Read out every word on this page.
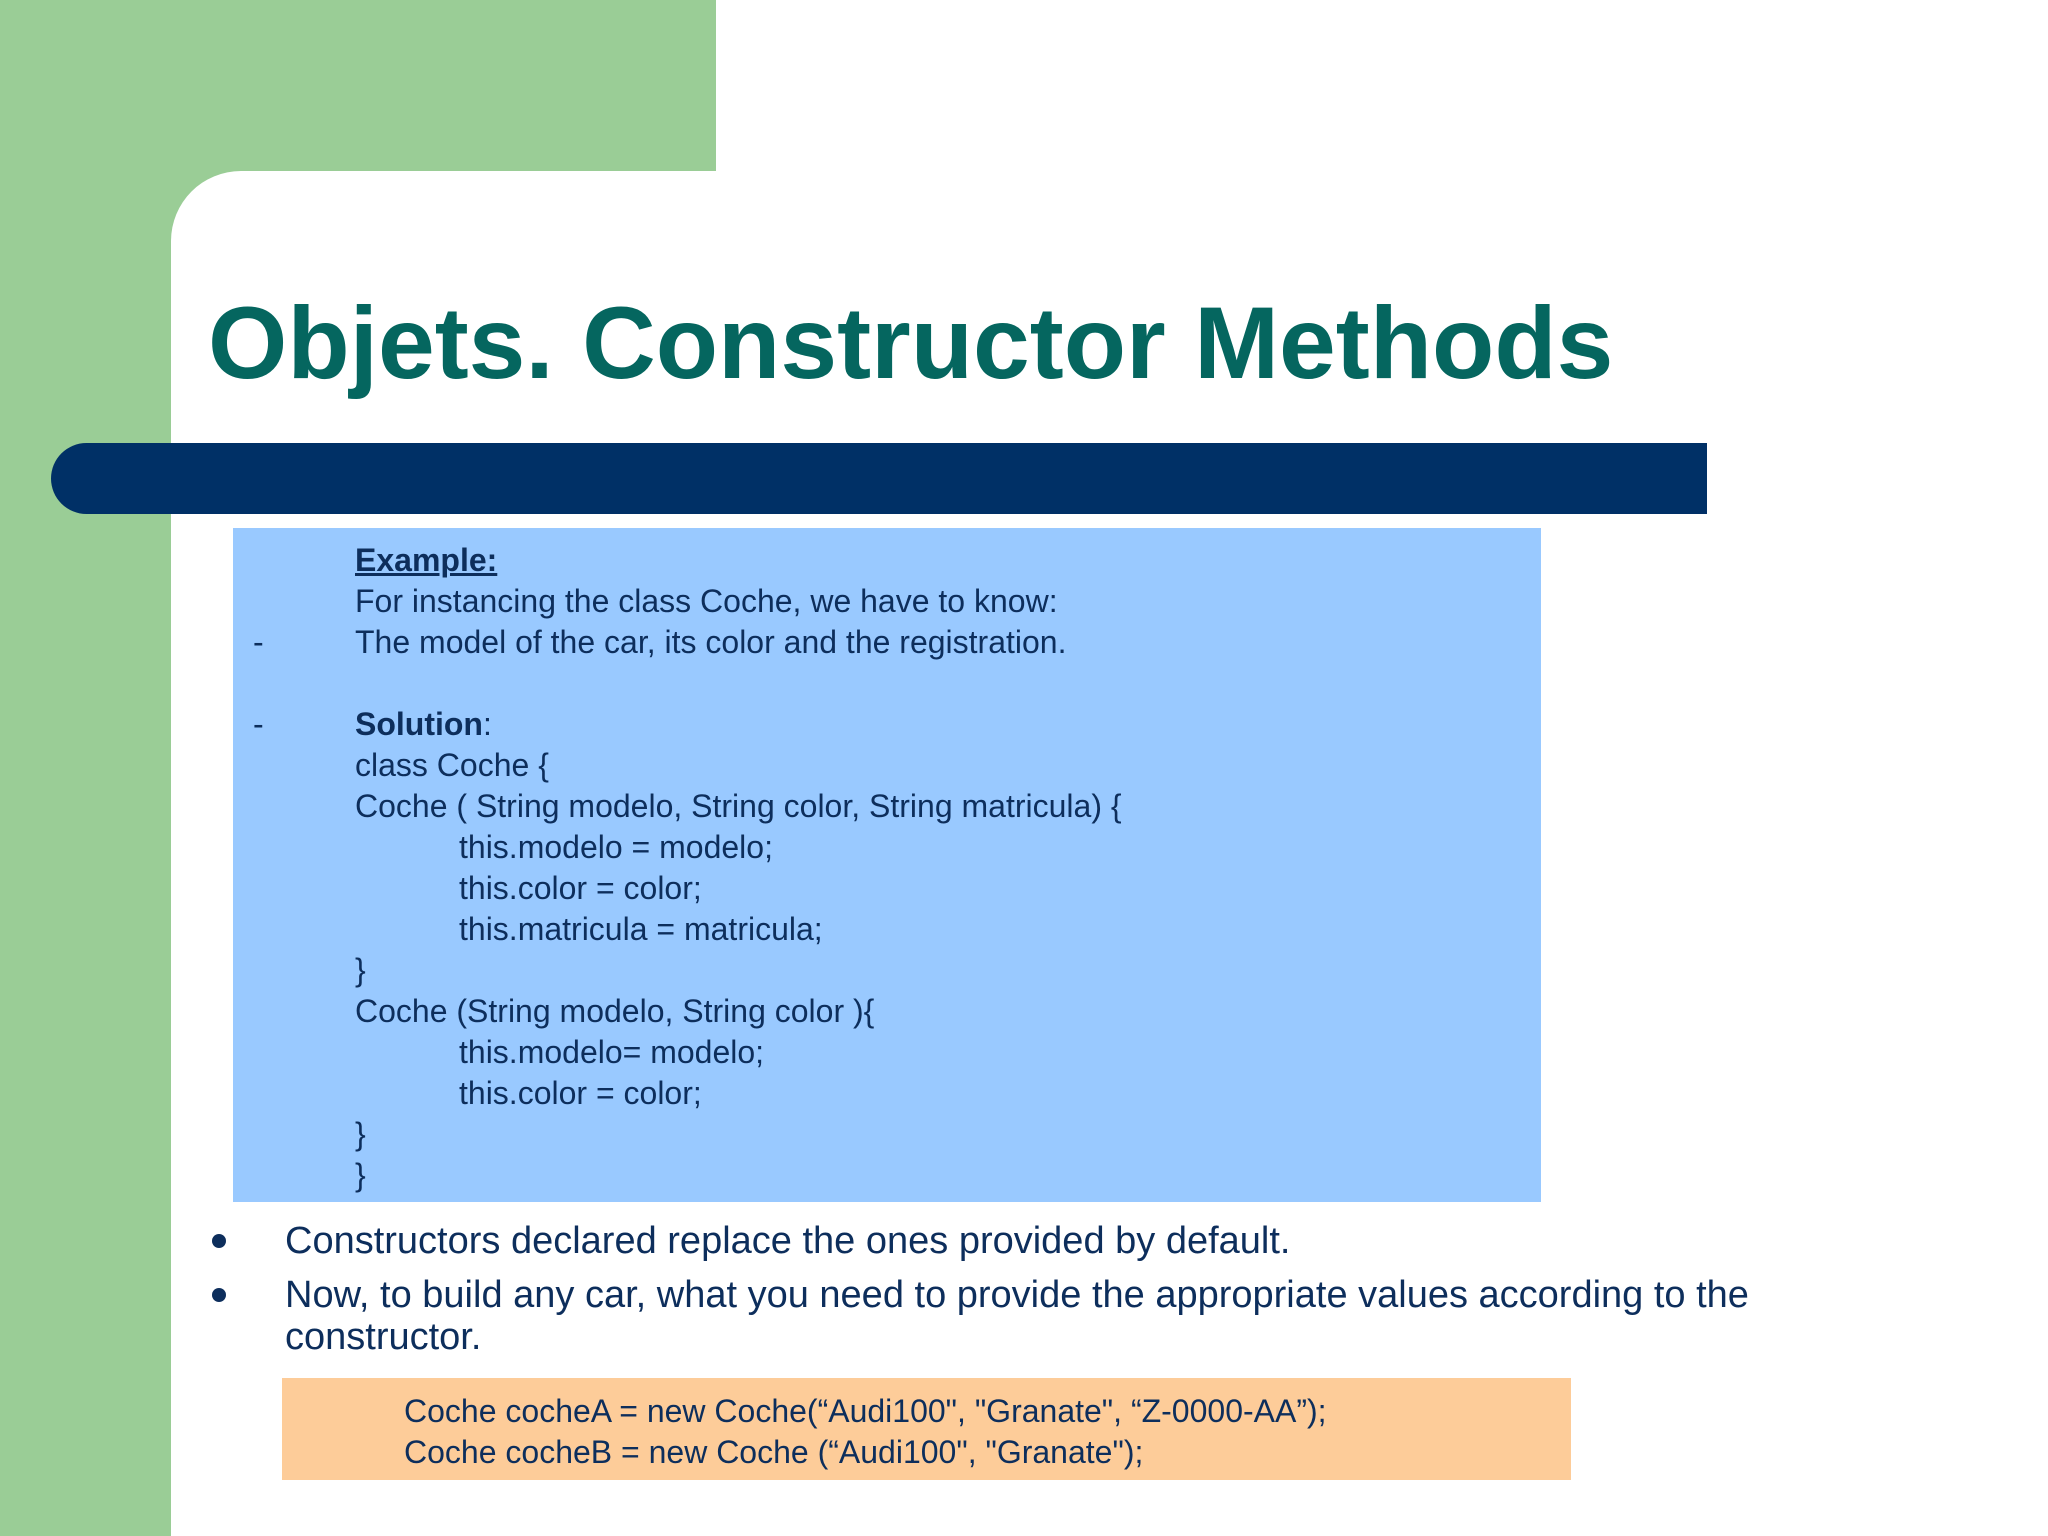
Objets. Constructor Methods
Example:
For instancing the class Coche, we have to know:
-	The model of the car, its color and the registration.
-	Solution:
class Coche {
Coche ( String modelo, String color, String matricula) {
this.modelo = modelo;
this.color = color;
this.matricula = matricula;
}
Coche (String modelo, String color ){
this.modelo= modelo;
this.color = color;
}
}
Constructors declared replace the ones provided by default.
Now, to build any car, what you need to provide the appropriate values according to the constructor.
Coche cocheA = new Coche(“Audi100", "Granate", “Z-0000-AA”);
Coche cocheB = new Coche (“Audi100", "Granate");
